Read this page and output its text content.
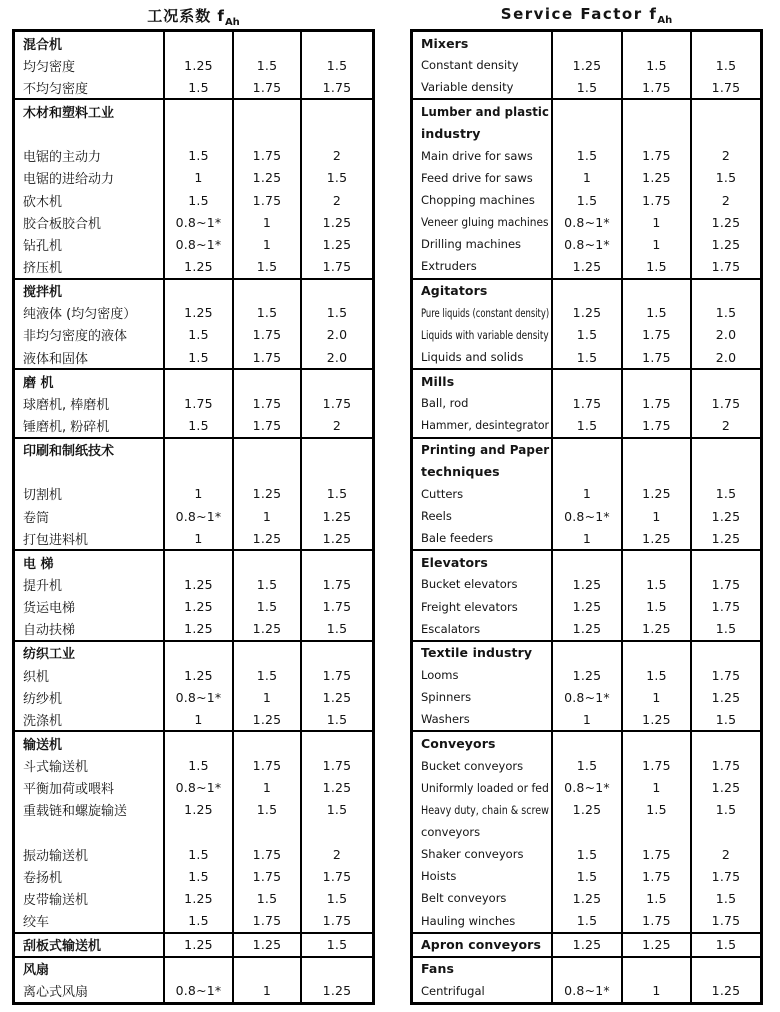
工况系数 $f_{Ah}$	Service Factor $f_{Ah}$
混合机
均匀密度	1.25	1.5	1.5
不均匀密度	1.5	1.75	1.75
木材和塑料工业
电锯的主动力	1.5	1.75	2
电锯的进给动力	1	1.25	1.5
砍木机	1.5	1.75	2
胶合板胶合机	0.8~1*	1	1.25
钻孔机	0.8~1*	1	1.25
挤压机	1.25	1.5	1.75
搅拌机
纯液体 (均匀密度）	1.25	1.5	1.5
非均匀密度的液体	1.5	1.75	2.0
液体和固体	1.5	1.75	2.0
磨 机
球磨机, 棒磨机	1.75	1.75	1.75
锤磨机, 粉碎机	1.5	1.75	2
印刷和制纸技术
切割机	1	1.25	1.5
卷筒	0.8~1*	1	1.25
打包进料机	1	1.25	1.25
电 梯
提升机	1.25	1.5	1.75
货运电梯	1.25	1.5	1.75
自动扶梯	1.25	1.25	1.5
纺织工业
织机	1.25	1.5	1.75
纺纱机	0.8~1*	1	1.25
洗涤机	1	1.25	1.5
输送机
斗式输送机	1.5	1.75	1.75
平衡加荷或喂料	0.8~1*	1	1.25
重载链和螺旋输送	1.25	1.5	1.5
振动输送机	1.5	1.75	2
卷扬机	1.5	1.75	1.75
皮带输送机	1.25	1.5	1.5
绞车	1.5	1.75	1.75
刮板式输送机	1.25	1.25	1.5
风扇
离心式风扇	0.8~1*	1	1.25
Mixers
Constant density	1.25	1.5	1.5
Variable density	1.5	1.75	1.75
Lumber and plastic
industry
Main drive for saws	1.5	1.75	2
Feed drive for saws	1	1.25	1.5
Chopping machines	1.5	1.75	2
Veneer gluing machines	0.8~1*	1	1.25
Drilling machines	0.8~1*	1	1.25
Extruders	1.25	1.5	1.75
Agitators
Pure liquids (constant density)	1.25	1.5	1.5
Liquids with variable density	1.5	1.75	2.0
Liquids and solids	1.5	1.75	2.0
Mills
Ball, rod	1.75	1.75	1.75
Hammer, desintegrator	1.5	1.75	2
Printing and Paper
techniques
Cutters	1	1.25	1.5
Reels	0.8~1*	1	1.25
Bale feeders	1	1.25	1.25
Elevators
Bucket elevators	1.25	1.5	1.75
Freight elevators	1.25	1.5	1.75
Escalators	1.25	1.25	1.5
Textile industry
Looms	1.25	1.5	1.75
Spinners	0.8~1*	1	1.25
Washers	1	1.25	1.5
Conveyors
Bucket conveyors	1.5	1.75	1.75
Uniformly loaded or fed	0.8~1*	1	1.25
Heavy duty, chain & screw	1.25	1.5	1.5
conveyors
Shaker conveyors	1.5	1.75	2
Hoists	1.5	1.75	1.75
Belt conveyors	1.25	1.5	1.5
Hauling winches	1.5	1.75	1.75
Apron conveyors	1.25	1.25	1.5
Fans
Centrifugal	0.8~1*	1	1.25
